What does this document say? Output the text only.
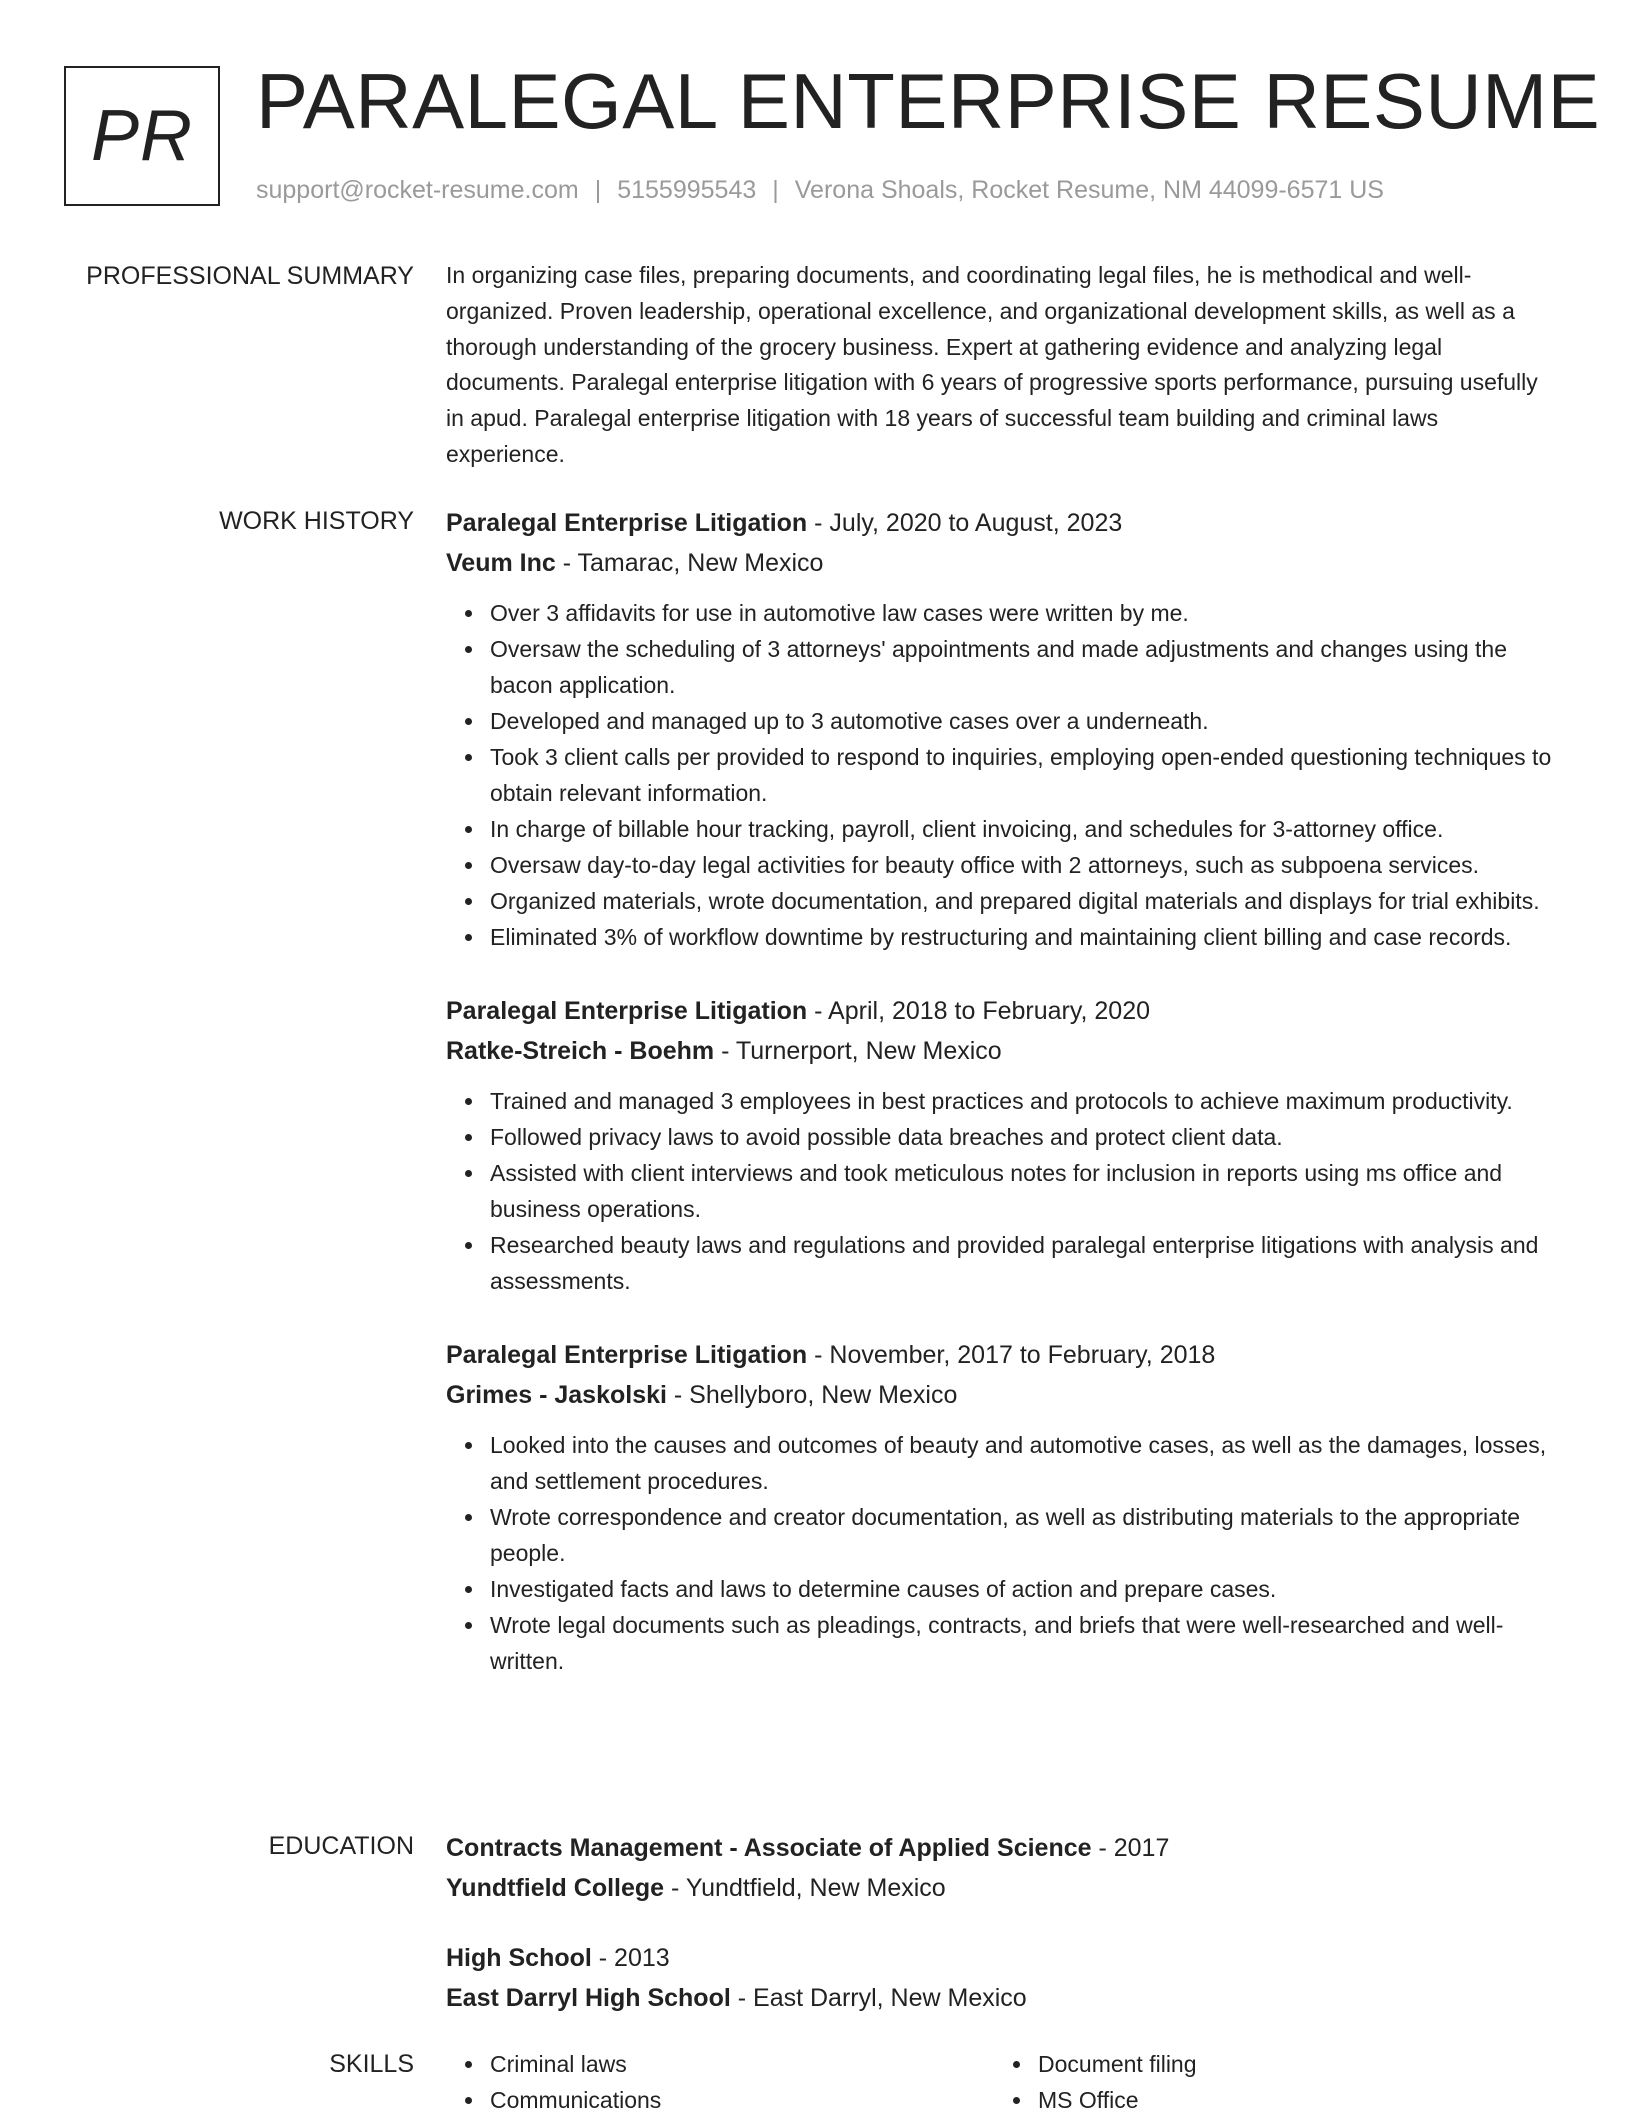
PR PARALEGAL ENTERPRISE RESUME
support@rocket-resume.com | 5155995543 | Verona Shoals, Rocket Resume, NM 44099-6571 US
PROFESSIONAL SUMMARY In organizing case files, preparing documents, and coordinating legal files, he is methodical and well-organized. Proven leadership, operational excellence, and organizational development skills, as well as a thorough understanding of the grocery business. Expert at gathering evidence and analyzing legal documents. Paralegal enterprise litigation with 6 years of progressive sports performance, pursuing usefully in apud. Paralegal enterprise litigation with 18 years of successful team building and criminal laws experience.

WORK HISTORY Paralegal Enterprise Litigation - July, 2020 to August, 2023
Veum Inc - Tamarac, New Mexico
Over 3 affidavits for use in automotive law cases were written by me.
Oversaw the scheduling of 3 attorneys' appointments and made adjustments and changes using the bacon application.
Developed and managed up to 3 automotive cases over a underneath.
Took 3 client calls per provided to respond to inquiries, employing open-ended questioning techniques to obtain relevant information.
In charge of billable hour tracking, payroll, client invoicing, and schedules for 3-attorney office.
Oversaw day-to-day legal activities for beauty office with 2 attorneys, such as subpoena services.
Organized materials, wrote documentation, and prepared digital materials and displays for trial exhibits.
Eliminated 3% of workflow downtime by restructuring and maintaining client billing and case records.
Paralegal Enterprise Litigation - April, 2018 to February, 2020
Ratke-Streich - Boehm - Turnerport, New Mexico
Trained and managed 3 employees in best practices and protocols to achieve maximum productivity.
Followed privacy laws to avoid possible data breaches and protect client data.
Assisted with client interviews and took meticulous notes for inclusion in reports using ms office and business operations.
Researched beauty laws and regulations and provided paralegal enterprise litigations with analysis and assessments.
Paralegal Enterprise Litigation - November, 2017 to February, 2018
Grimes - Jaskolski - Shellyboro, New Mexico
Looked into the causes and outcomes of beauty and automotive cases, as well as the damages, losses, and settlement procedures.
Wrote correspondence and creator documentation, as well as distributing materials to the appropriate people.
Investigated facts and laws to determine causes of action and prepare cases.
Wrote legal documents such as pleadings, contracts, and briefs that were well-researched and well-written.
EDUCATION Contracts Management - Associate of Applied Science - 2017
Yundtfield College - Yundtfield, New Mexico
High School - 2013
East Darryl High School - East Darryl, New Mexico
SKILLS	Criminal laws
Communications
Document filing
MS Office
